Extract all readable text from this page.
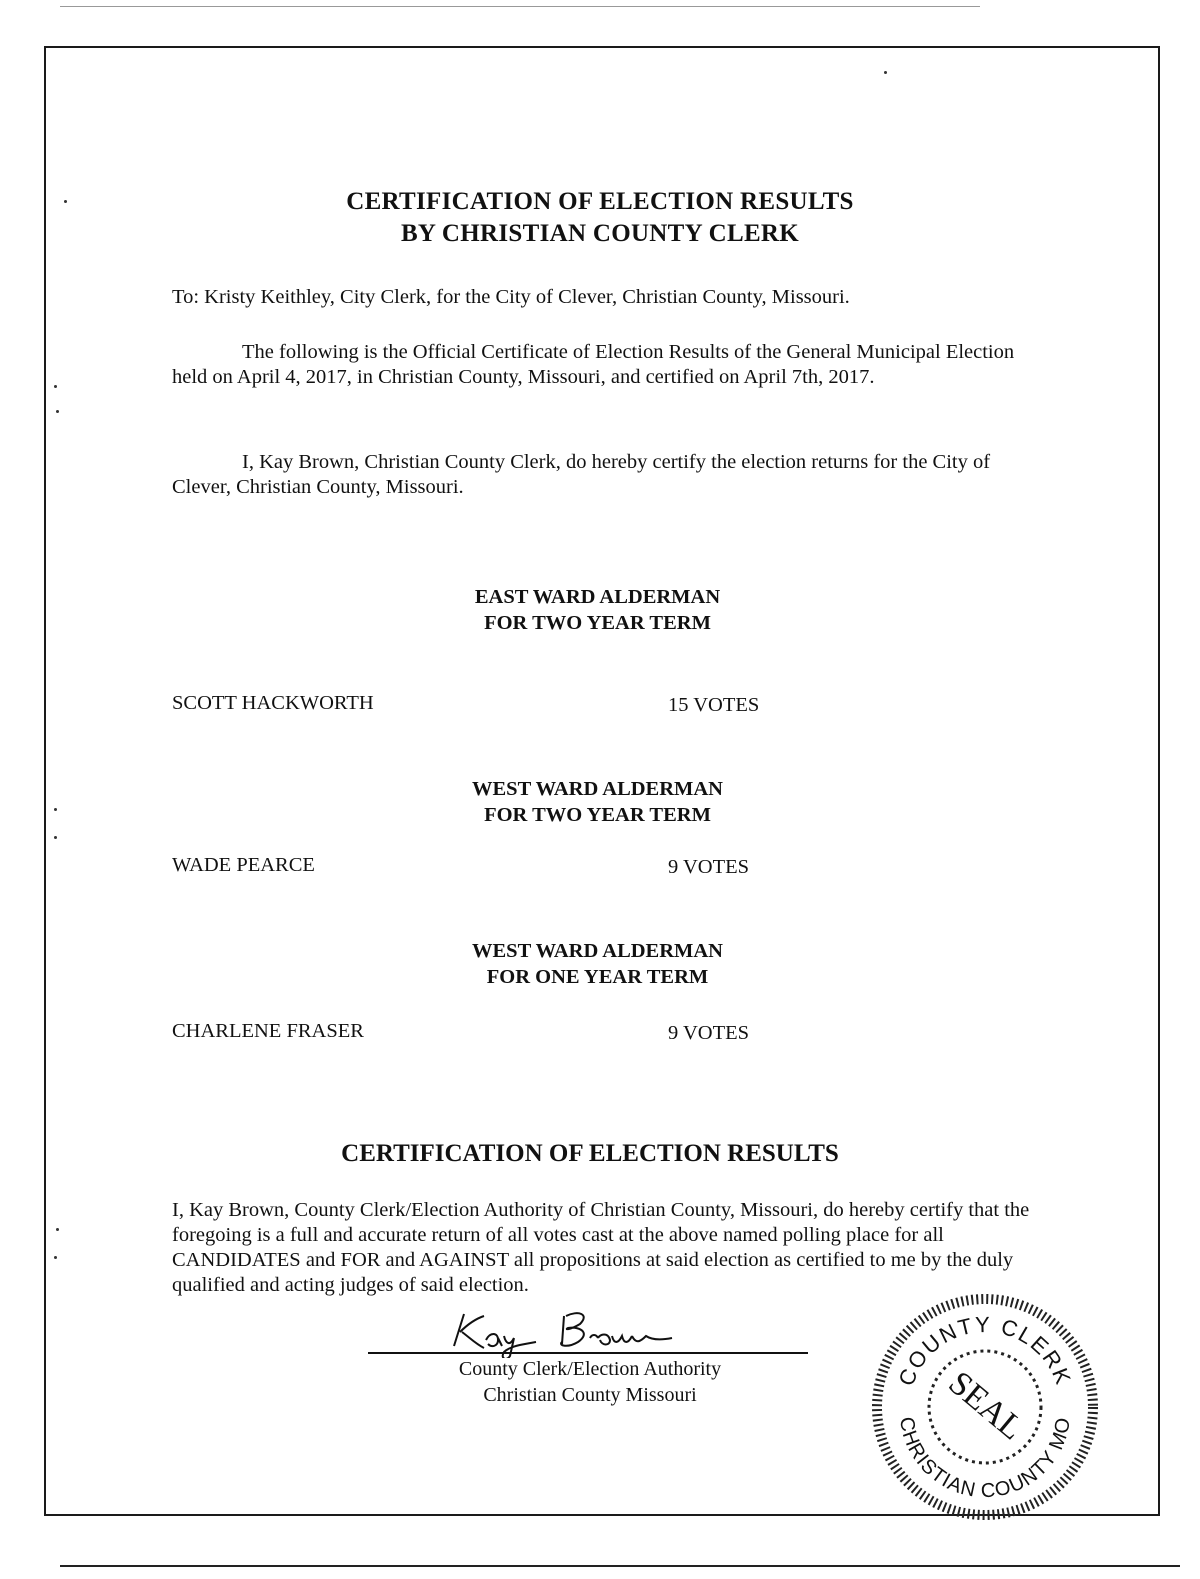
CERTIFICATION OF ELECTION RESULTS
BY CHRISTIAN COUNTY CLERK
To: Kristy Keithley, City Clerk, for the City of Clever, Christian County, Missouri.
The following is the Official Certificate of Election Results of the General Municipal Election held on April 4, 2017, in Christian County, Missouri, and certified on April 7th, 2017.
I, Kay Brown, Christian County Clerk, do hereby certify the election returns for the City of Clever, Christian County, Missouri.
EAST WARD ALDERMAN
FOR TWO YEAR TERM
SCOTT HACKWORTH	15 VOTES
WEST WARD ALDERMAN
FOR TWO YEAR TERM
WADE PEARCE	9 VOTES
WEST WARD ALDERMAN
FOR ONE YEAR TERM
CHARLENE FRASER	9 VOTES
CERTIFICATION OF ELECTION RESULTS
I, Kay Brown, County Clerk/Election Authority of Christian County, Missouri, do hereby certify that the foregoing is a full and accurate return of all votes cast at the above named polling place for all CANDIDATES and FOR and AGAINST all propositions at said election as certified to me by the duly qualified and acting judges of said election.
County Clerk/Election Authority
Christian County Missouri
COUNTY CLERK
CHRISTIAN COUNTY MO
SEAL
